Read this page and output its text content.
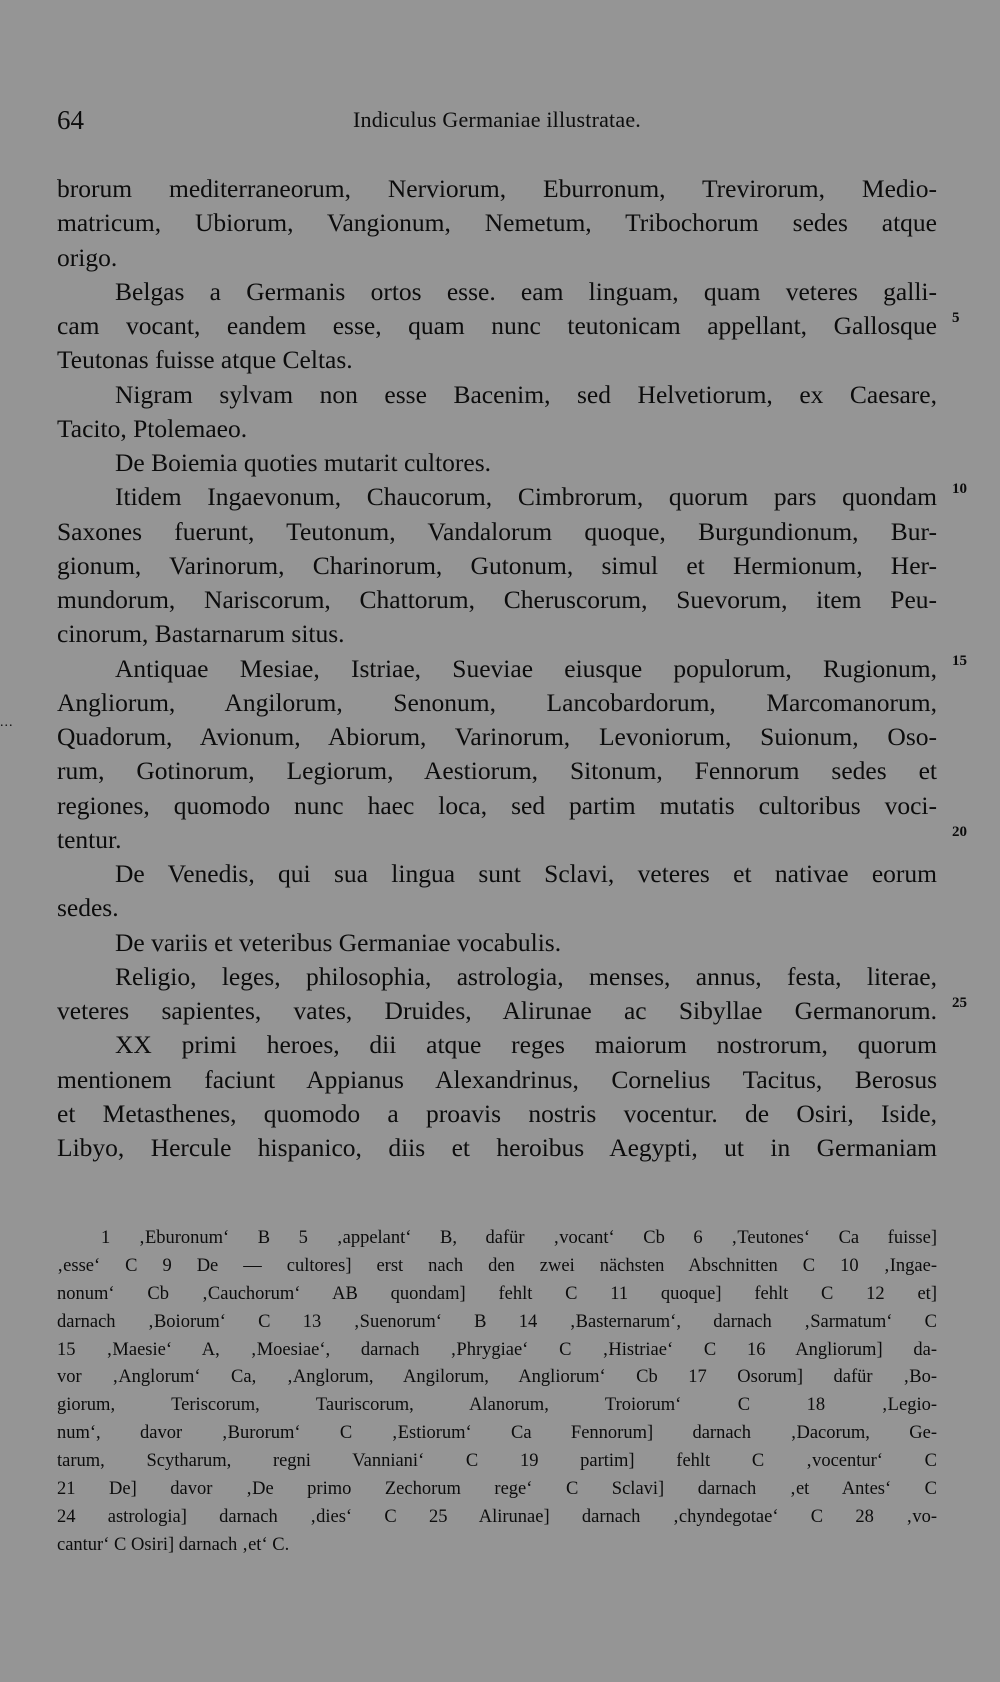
64	Indiculus Germaniae illustratae.
...
brorum mediterraneorum, Nerviorum, Eburronum, Trevirorum, Medio-
matricum, Ubiorum, Vangionum, Nemetum, Tribochorum sedes atque
origo.
Belgas a Germanis ortos esse. eam linguam, quam veteres galli-
cam vocant, eandem esse, quam nunc teutonicam appellant, Gallosque 5
Teutonas fuisse atque Celtas.
Nigram sylvam non esse Bacenim, sed Helvetiorum, ex Caesare,
Tacito, Ptolemaeo.
De Boiemia quoties mutarit cultores.
Itidem Ingaevonum, Chaucorum, Cimbrorum, quorum pars quondam 10
Saxones fuerunt, Teutonum, Vandalorum quoque, Burgundionum, Bur-
gionum, Varinorum, Charinorum, Gutonum, simul et Hermionum, Her-
mundorum, Nariscorum, Chattorum, Cheruscorum, Suevorum, item Peu-
cinorum, Bastarnarum situs.
Antiquae Mesiae, Istriae, Sueviae eiusque populorum, Rugionum, 15
Angliorum, Angilorum, Senonum, Lancobardorum, Marcomanorum,
Quadorum, Avionum, Abiorum, Varinorum, Levoniorum, Suionum, Oso-
rum, Gotinorum, Legiorum, Aestiorum, Sitonum, Fennorum sedes et
regiones, quomodo nunc haec loca, sed partim mutatis cultoribus voci-
tentur.	20
De Venedis, qui sua lingua sunt Sclavi, veteres et nativae eorum
sedes.
De variis et veteribus Germaniae vocabulis.
Religio, leges, philosophia, astrologia, menses, annus, festa, literae,
veteres sapientes, vates, Druides, Alirunae ac Sibyllae Germanorum. 25
XX primi heroes, dii atque reges maiorum nostrorum, quorum
mentionem faciunt Appianus Alexandrinus, Cornelius Tacitus, Berosus
et Metasthenes, quomodo a proavis nostris vocentur. de Osiri, Iside,
Libyo, Hercule hispanico, diis et heroibus Aegypti, ut in Germaniam
1 ‚Eburonum‘ B 5 ‚appelant‘ B, dafür ‚vocant‘ Cb 6 ‚Teutones‘ Ca fuisse]
‚esse‘ C 9 De — cultores] erst nach den zwei nächsten Abschnitten C 10 ‚Ingae-
nonum‘ Cb ‚Cauchorum‘ AB quondam] fehlt C 11 quoque] fehlt C 12 et]
darnach ‚Boiorum‘ C 13 ‚Suenorum‘ B 14 ‚Basternarum‘, darnach ‚Sarmatum‘ C
15 ‚Maesie‘ A, ‚Moesiae‘, darnach ‚Phrygiae‘ C ‚Histriae‘ C 16 Angliorum] da-
vor ‚Anglorum‘ Ca, ‚Anglorum, Angilorum, Angliorum‘ Cb 17 Osorum] dafür ‚Bo-
giorum, Teriscorum, Tauriscorum, Alanorum, Troiorum‘ C 18 ‚Legio-
num‘, davor ‚Burorum‘ C ‚Estiorum‘ Ca Fennorum] darnach ‚Dacorum, Ge-
tarum, Scytharum, regni Vanniani‘ C 19 partim] fehlt C ‚vocentur‘ C
21 De] davor ‚De primo Zechorum rege‘ C Sclavi] darnach ‚et Antes‘ C
24 astrologia] darnach ‚dies‘ C 25 Alirunae] darnach ‚chyndegotae‘ C 28 ‚vo-
cantur‘ C Osiri] darnach ‚et‘ C.
